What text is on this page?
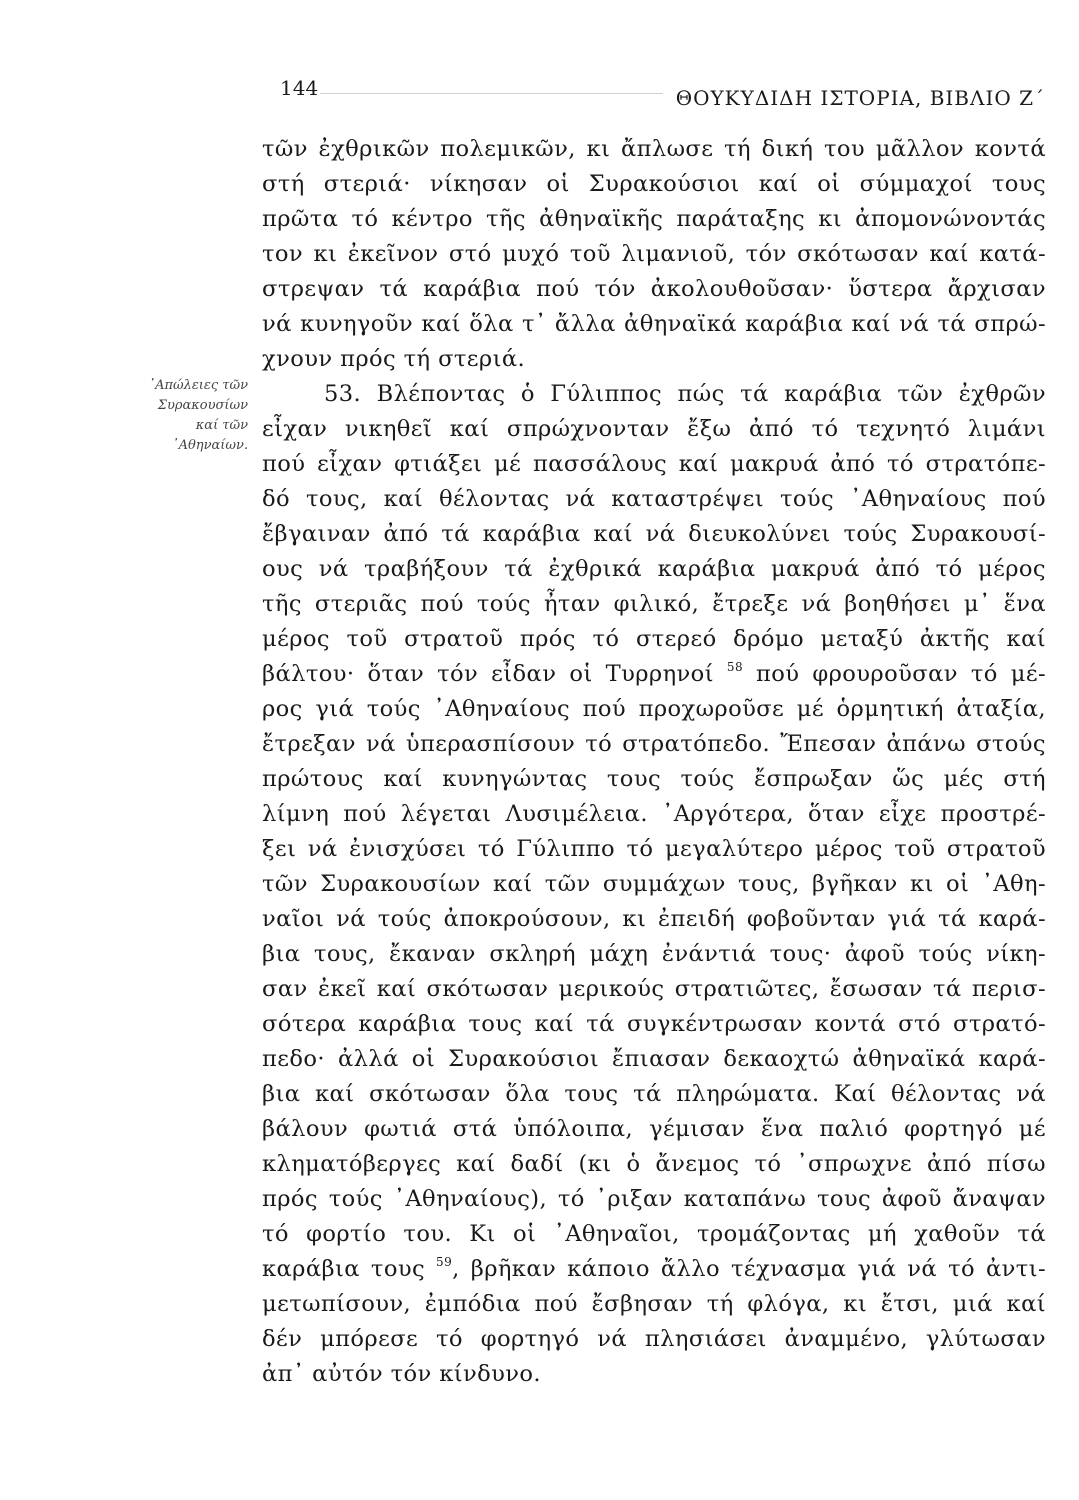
144	ΘΟΥΚΥΔΙΔΗ ΙΣΤΟΡΙΑ, ΒΙΒΛΙΟ Ζ΄
᾿Απώλειες τῶν
Συρακουσίων
καί τῶν
᾿Αθηναίων.
τῶν ἐχθρικῶν πολεμικῶν, κι ἄπλωσε τή δική του μᾶλλον κοντά
στή στεριά· νίκησαν οἱ Συρακούσιοι καί οἱ σύμμαχοί τους
πρῶτα τό κέντρο τῆς ἀθηναϊκῆς παράταξης κι ἀπομονώνοντάς
τον κι ἐκεῖνον στό μυχό τοῦ λιμανιοῦ, τόν σκότωσαν καί κατά-
στρεψαν τά καράβια πού τόν ἀκολουθοῦσαν· ὕστερα ἄρχισαν
νά κυνηγοῦν καί ὅλα τ᾿ ἄλλα ἀθηναϊκά καράβια καί νά τά σπρώ-
χνουν πρός τή στεριά.
53. Βλέποντας ὁ Γύλιππος πώς τά καράβια τῶν ἐχθρῶν
εἶχαν νικηθεῖ καί σπρώχνονταν ἔξω ἀπό τό τεχνητό λιμάνι
πού εἶχαν φτιάξει μέ πασσάλους καί μακρυά ἀπό τό στρατόπε-
δό τους, καί θέλοντας νά καταστρέψει τούς ᾿Αθηναίους πού
ἔβγαιναν ἀπό τά καράβια καί νά διευκολύνει τούς Συρακουσί-
ους νά τραβήξουν τά ἐχθρικά καράβια μακρυά ἀπό τό μέρος
τῆς στεριᾶς πού τούς ἦταν φιλικό, ἔτρεξε νά βοηθήσει μ᾿ ἕνα
μέρος τοῦ στρατοῦ πρός τό στερεό δρόμο μεταξύ ἀκτῆς καί
βάλτου· ὅταν τόν εἶδαν οἱ Τυρρηνοί $^{58}$ πού φρουροῦσαν τό μέ-
ρος γιά τούς ᾿Αθηναίους πού προχωροῦσε μέ ὁρμητική ἀταξία,
ἔτρεξαν νά ὑπερασπίσουν τό στρατόπεδο. Ἔπεσαν ἀπάνω στούς
πρώτους καί κυνηγώντας τους τούς ἔσπρωξαν ὥς μές στή
λίμνη πού λέγεται Λυσιμέλεια. ᾿Αργότερα, ὅταν εἶχε προστρέ-
ξει νά ἐνισχύσει τό Γύλιππο τό μεγαλύτερο μέρος τοῦ στρατοῦ
τῶν Συρακουσίων καί τῶν συμμάχων τους, βγῆκαν κι οἱ ᾿Αθη-
ναῖοι νά τούς ἀποκρούσουν, κι ἐπειδή φοβοῦνταν γιά τά καρά-
βια τους, ἔκαναν σκληρή μάχη ἐνάντιά τους· ἀφοῦ τούς νίκη-
σαν ἐκεῖ καί σκότωσαν μερικούς στρατιῶτες, ἔσωσαν τά περισ-
σότερα καράβια τους καί τά συγκέντρωσαν κοντά στό στρατό-
πεδο· ἀλλά οἱ Συρακούσιοι ἔπιασαν δεκαοχτώ ἀθηναϊκά καρά-
βια καί σκότωσαν ὅλα τους τά πληρώματα. Καί θέλοντας νά
βάλουν φωτιά στά ὑπόλοιπα, γέμισαν ἕνα παλιό φορτηγό μέ
κληματόβεργες καί δαδί (κι ὁ ἄνεμος τό ᾿σπρωχνε ἀπό πίσω
πρός τούς ᾿Αθηναίους), τό ᾿ριξαν καταπάνω τους ἀφοῦ ἄναψαν
τό φορτίο του. Κι οἱ ᾿Αθηναῖοι, τρομάζοντας μή χαθοῦν τά
καράβια τους $^{59}$, βρῆκαν κάποιο ἄλλο τέχνασμα γιά νά τό ἀντι-
μετωπίσουν, ἐμπόδια πού ἔσβησαν τή φλόγα, κι ἔτσι, μιά καί
δέν μπόρεσε τό φορτηγό νά πλησιάσει ἀναμμένο, γλύτωσαν
ἀπ᾿ αὐτόν τόν κίνδυνο.
